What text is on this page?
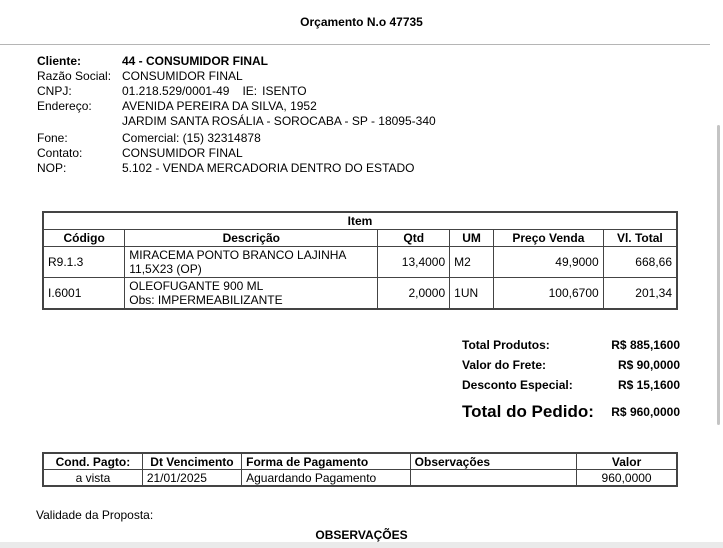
Orçamento N.o 47735
Cliente:	44 - CONSUMIDOR FINAL
Razão Social: CONSUMIDOR FINAL
CNPJ:	01.218.529/0001-49 IE: ISENTO
Endereço:	AVENIDA PEREIRA DA SILVA, 1952
JARDIM SANTA ROSÁLIA - SOROCABA - SP - 18095-340
Fone:	Comercial: (15) 32314878
Contato:	CONSUMIDOR FINAL
NOP:	5.102 - VENDA MERCADORIA DENTRO DO ESTADO
Item					
Código	Descrição	Qtd	UM	Preço Venda	Vl. Total
R9.1.3	MIRACEMA PONTO BRANCO LAJINHA
11,5X23 (OP)	13,4000	M2	49,9000	668,66
I.6001	OLEOFUGANTE 900 ML
Obs: IMPERMEABILIZANTE	2,0000	1UN	100,6700	201,34
Total Produtos:	R$ 885,1600
Valor do Frete:	R$ 90,0000
Desconto Especial:	R$ 15,1600
Total do Pedido: R$ 960,0000
Cond. Pagto:	Dt Vencimento	Forma de Pagamento	Observações	Valor
a vista	21/01/2025	Aguardando Pagamento		960,0000
Validade da Proposta:
OBSERVAÇÕES
